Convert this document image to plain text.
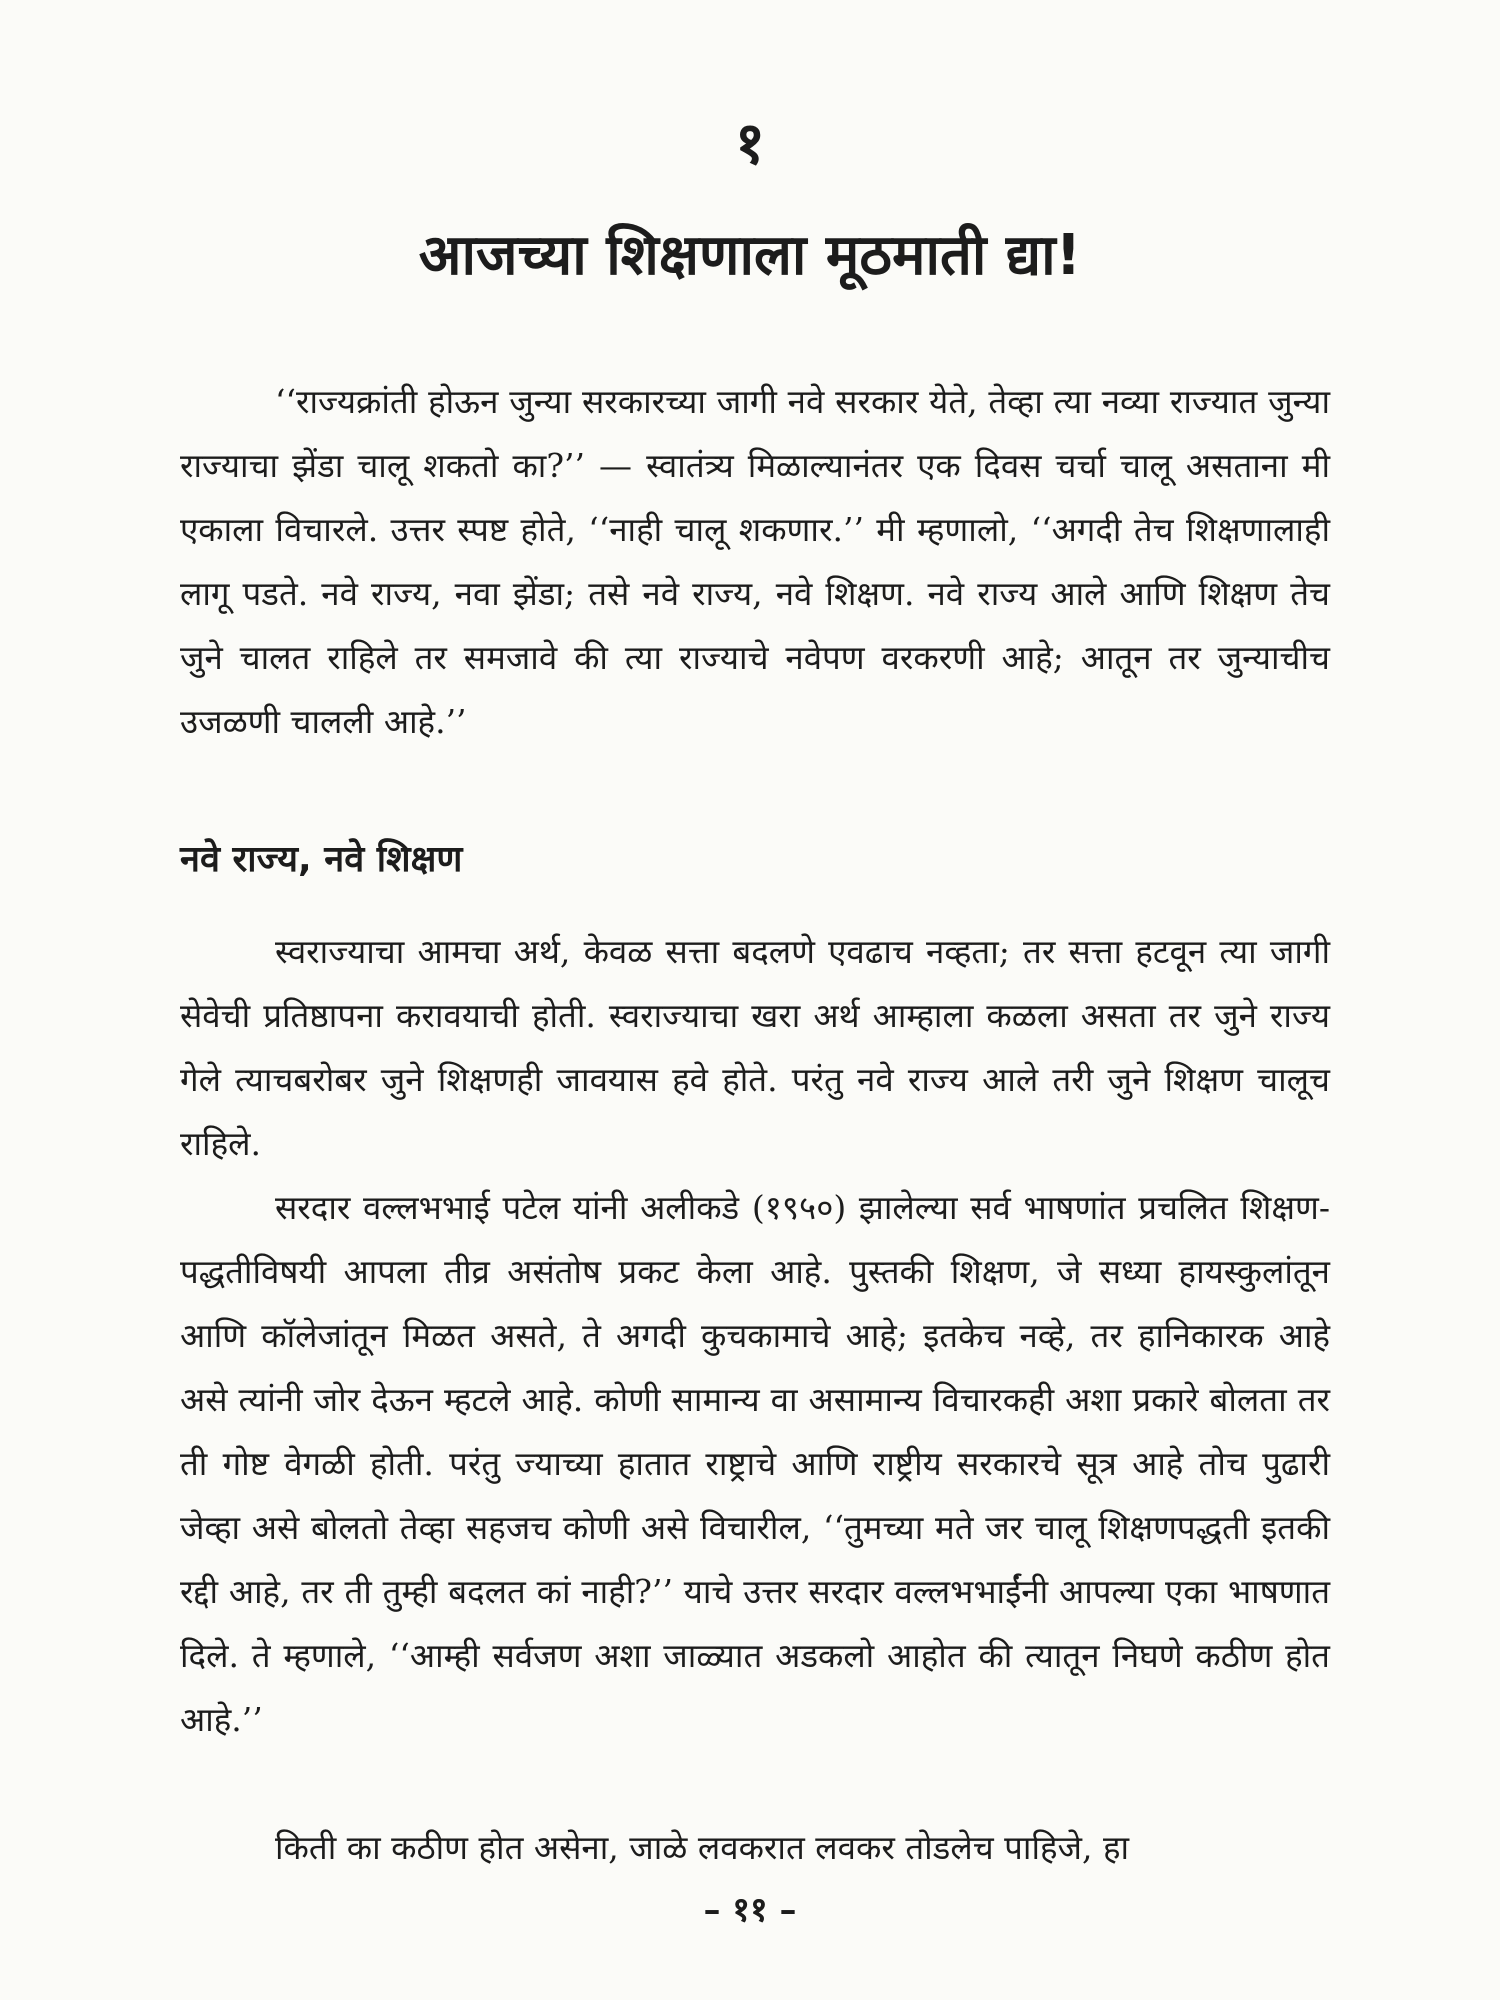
१
आजच्या शिक्षणाला मूठमाती द्या!

‘‘राज्यक्रांती होऊन जुन्या सरकारच्या जागी नवे सरकार येते, तेव्हा त्या नव्या राज्यात जुन्या राज्याचा झेंडा चालू शकतो का?’’ — स्वातंत्र्य मिळाल्यानंतर एक दिवस चर्चा चालू असताना मी एकाला विचारले. उत्तर स्पष्ट होते, ‘‘नाही चालू शकणार.’’ मी म्हणालो, ‘‘अगदी तेच शिक्षणालाही लागू पडते. नवे राज्य, नवा झेंडा; तसे नवे राज्य, नवे शिक्षण. नवे राज्य आले आणि शिक्षण तेच जुने चालत राहिले तर समजावे की त्या राज्याचे नवेपण वरकरणी आहे; आतून तर जुन्याचीच उजळणी चालली आहे.’’

नवे राज्य, नवे शिक्षण

स्वराज्याचा आमचा अर्थ, केवळ सत्ता बदलणे एवढाच नव्हता; तर सत्ता हटवून त्या जागी सेवेची प्रतिष्ठापना करावयाची होती. स्वराज्याचा खरा अर्थ आम्हाला कळला असता तर जुने राज्य गेले त्याचबरोबर जुने शिक्षणही जावयास हवे होते. परंतु नवे राज्य आले तरी जुने शिक्षण चालूच राहिले.

सरदार वल्लभभाई पटेल यांनी अलीकडे (१९५०) झालेल्या सर्व भाषणांत प्रचलित शिक्षण-पद्धतीविषयी आपला तीव्र असंतोष प्रकट केला आहे. पुस्तकी शिक्षण, जे सध्या हायस्कुलांतून आणि कॉलेजांतून मिळत असते, ते अगदी कुचकामाचे आहे; इतकेच नव्हे, तर हानिकारक आहे असे त्यांनी जोर देऊन म्हटले आहे. कोणी सामान्य वा असामान्य विचारकही अशा प्रकारे बोलता तर ती गोष्ट वेगळी होती. परंतु ज्याच्या हातात राष्ट्राचे आणि राष्ट्रीय सरकारचे सूत्र आहे तोच पुढारी जेव्हा असे बोलतो तेव्हा सहजच कोणी असे विचारील, ‘‘तुमच्या मते जर चालू शिक्षणपद्धती इतकी रद्दी आहे, तर ती तुम्ही बदलत कां नाही?’’ याचे उत्तर सरदार वल्लभभाईंनी आपल्या एका भाषणात दिले. ते म्हणाले, ‘‘आम्ही सर्वजण अशा जाळ्यात अडकलो आहोत की त्यातून निघणे कठीण होत आहे.’’

किती का कठीण होत असेना, जाळे लवकरात लवकर तोडलेच पाहिजे, हा

– ११ –
